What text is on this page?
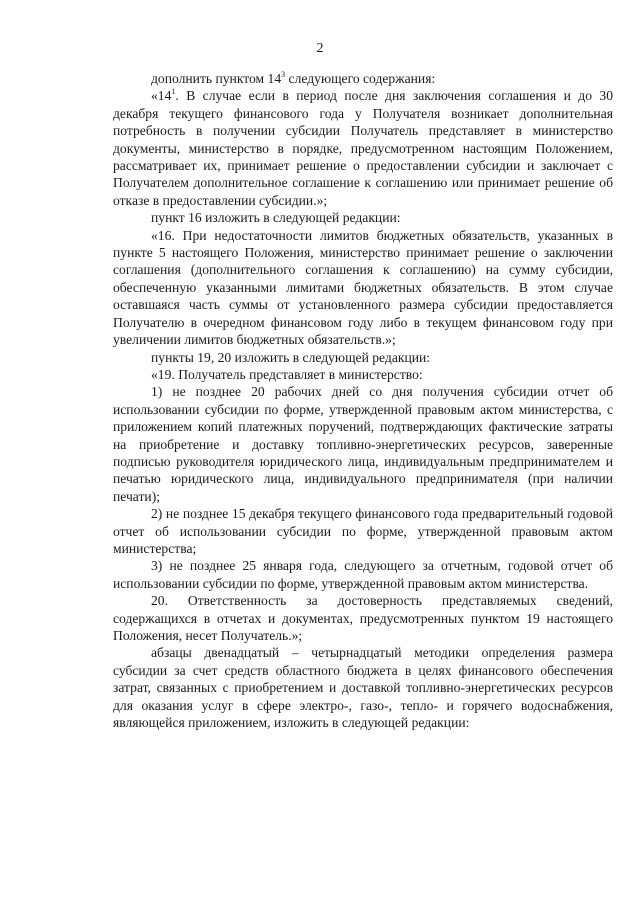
2

дополнить пунктом $14^3$ следующего содержания:

«$14^1$. В случае если в период после дня заключения соглашения и до 30 декабря текущего финансового года у Получателя возникает дополнительная потребность в получении субсидии Получатель представляет в министерство документы, министерство в порядке, предусмотренном настоящим Положением, рассматривает их, принимает решение о предоставлении субсидии и заключает с Получателем дополнительное соглашение к соглашению или принимает решение об отказе в предоставлении субсидии.»;

пункт 16 изложить в следующей редакции:

«16. При недостаточности лимитов бюджетных обязательств, указанных в пункте 5 настоящего Положения, министерство принимает решение о заключении соглашения (дополнительного соглашения к соглашению) на сумму субсидии, обеспеченную указанными лимитами бюджетных обязательств. В этом случае оставшаяся часть суммы от установленного размера субсидии предоставляется Получателю в очередном финансовом году либо в текущем финансовом году при увеличении лимитов бюджетных обязательств.»;

пункты 19, 20 изложить в следующей редакции:

«19. Получатель представляет в министерство:

1) не позднее 20 рабочих дней со дня получения субсидии отчет об использовании субсидии по форме, утвержденной правовым актом министерства, с приложением копий платежных поручений, подтверждающих фактические затраты на приобретение и доставку топливно-энергетических ресурсов, заверенные подписью руководителя юридического лица, индивидуальным предпринимателем и печатью юридического лица, индивидуального предпринимателя (при наличии печати);

2) не позднее 15 декабря текущего финансового года предварительный годовой отчет об использовании субсидии по форме, утвержденной правовым актом министерства;

3) не позднее 25 января года, следующего за отчетным, годовой отчет об использовании субсидии по форме, утвержденной правовым актом министерства.

20. Ответственность за достоверность представляемых сведений, содержащихся в отчетах и документах, предусмотренных пунктом 19 настоящего Положения, несет Получатель.»;

абзацы двенадцатый – четырнадцатый методики определения размера субсидии за счет средств областного бюджета в целях финансового обеспечения затрат, связанных с приобретением и доставкой топливно-энергетических ресурсов для оказания услуг в сфере электро-, газо-, тепло- и горячего водоснабжения, являющейся приложением, изложить в следующей редакции:
